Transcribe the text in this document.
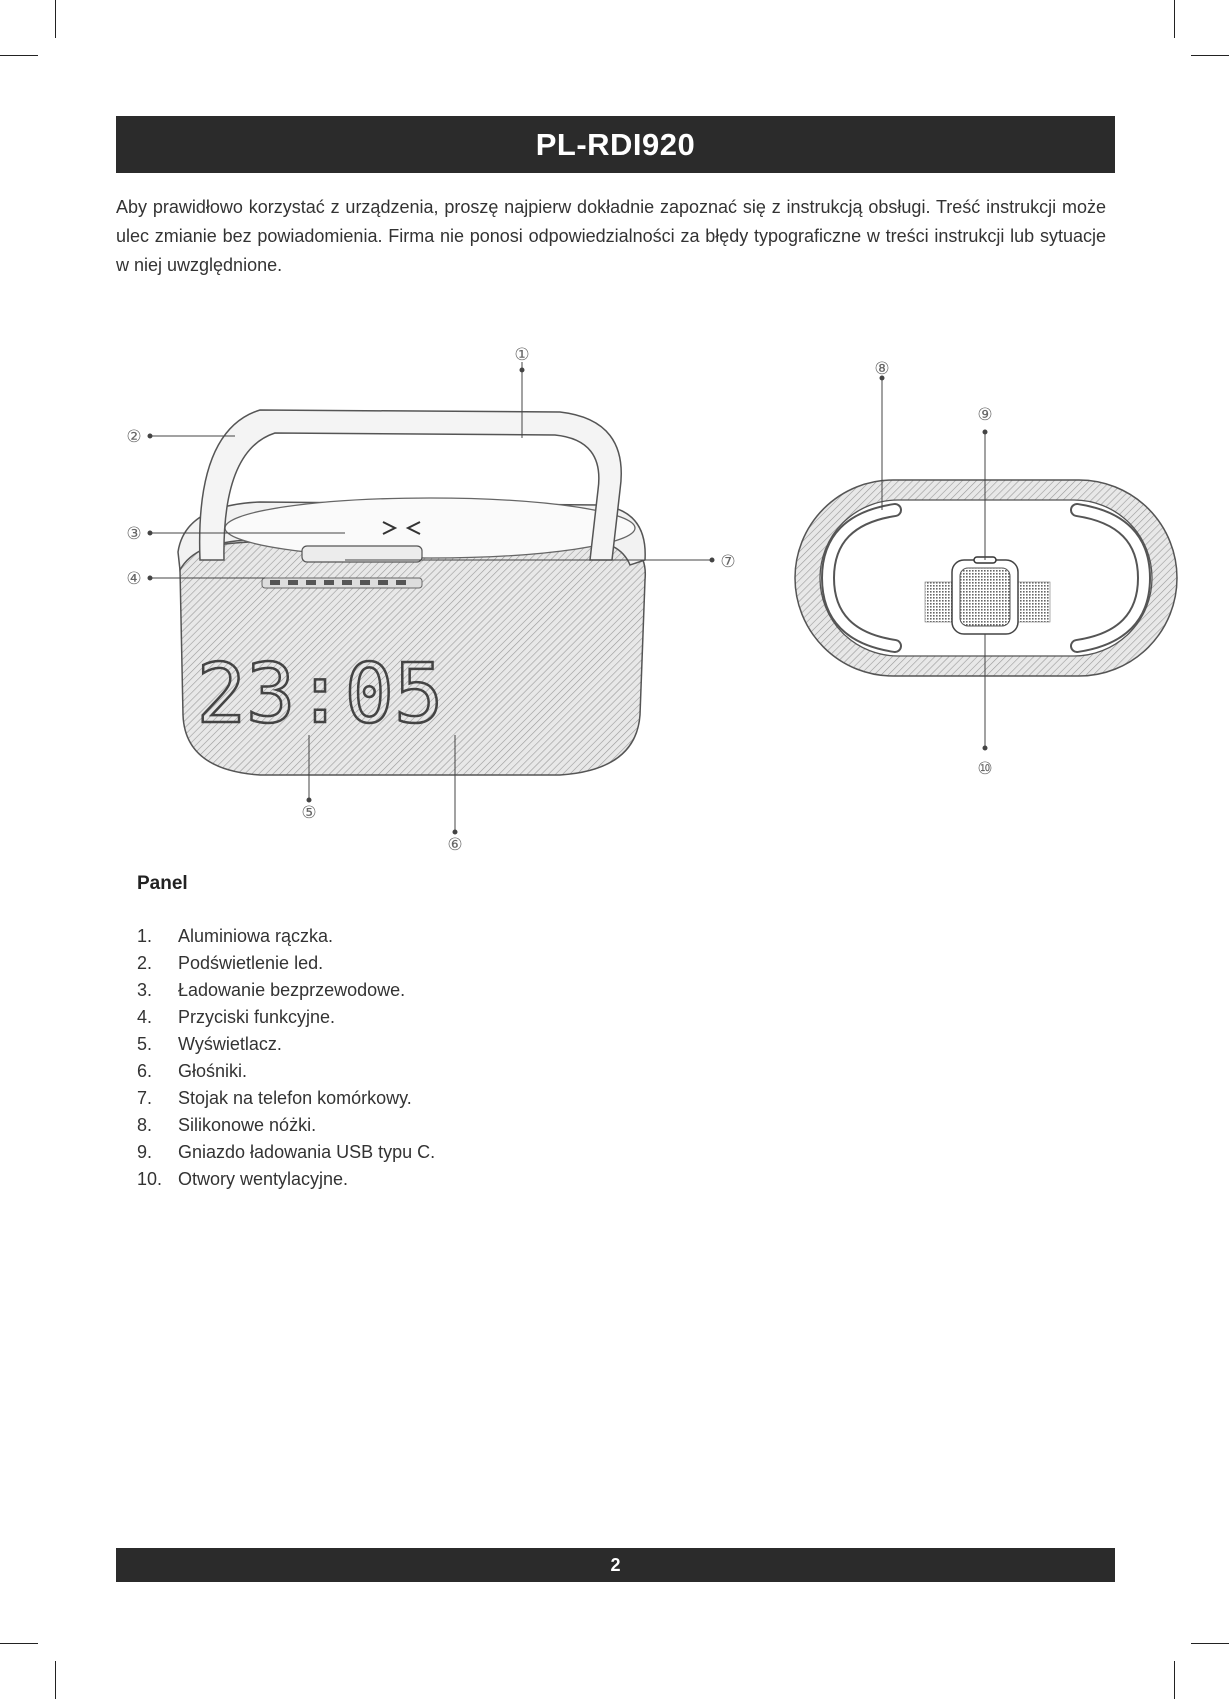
PL-RDI920

Aby prawidłowo korzystać z urządzenia, proszę najpierw dokładnie zapoznać się z instrukcją obsługi. Treść instrukcji może ulec zmianie bez powiadomienia. Firma nie ponosi odpowiedzialności za błędy typograficzne w treści instrukcji lub sytuacje w niej uwzględnione.

23:05
①
②
③
④
⑤
⑥
⑦
⑧
⑨
⑩
Panel
1.	Aluminiowa rączka.
2.	Podświetlenie led.
3.	Ładowanie bezprzewodowe.
4.	Przyciski funkcyjne.
5.	Wyświetlacz.
6.	Głośniki.
7.	Stojak na telefon komórkowy.
8.	Silikonowe nóżki.
9.	Gniazdo ładowania USB typu C.
10. Otwory wentylacyjne.
2
